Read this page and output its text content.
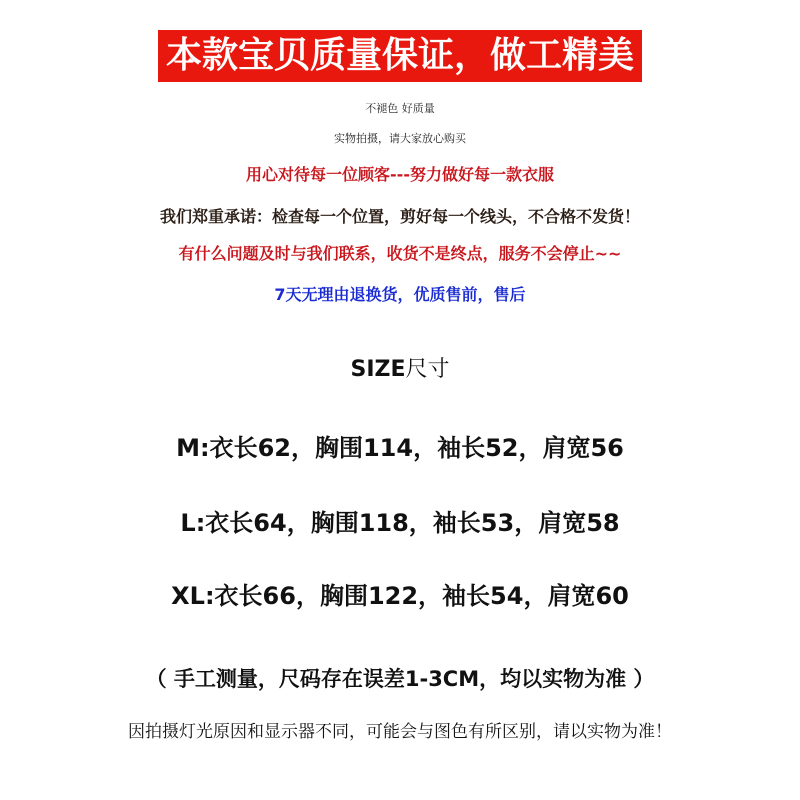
本款宝贝质量保证，做工精美
不褪色 好质量
实物拍摄，请大家放心购买
用心对待每一位顾客---努力做好每一款衣服
我们郑重承诺：检查每一个位置，剪好每一个线头，不合格不发货！
有什么问题及时与我们联系，收货不是终点，服务不会停止~~
7天无理由退换货，优质售前，售后
SIZE尺寸
M:衣长62，胸围114，袖长52，肩宽56
L:衣长64，胸围118，袖长53，肩宽58
XL:衣长66，胸围122，袖长54，肩宽60
（ 手工测量，尺码存在误差1-3CM，均以实物为准 ）
因拍摄灯光原因和显示器不同，可能会与图色有所区别，请以实物为准！
